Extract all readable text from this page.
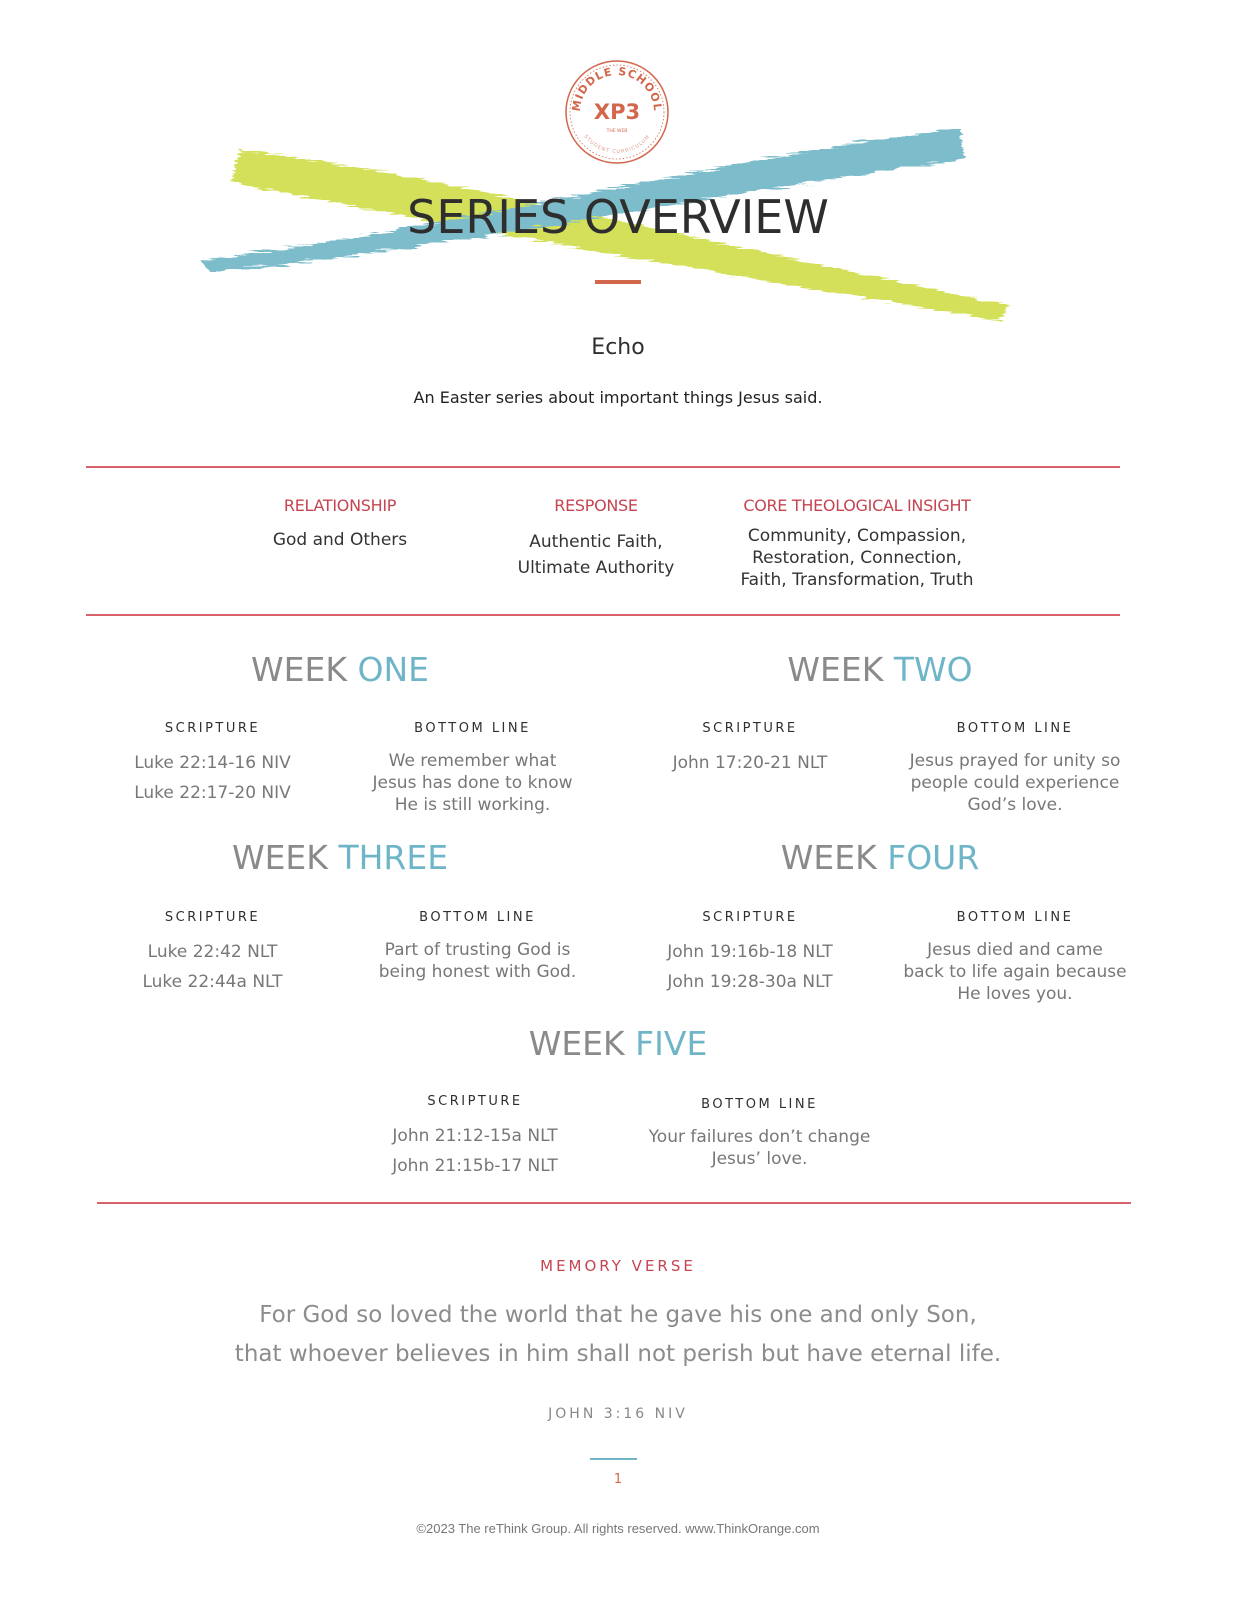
MIDDLE SCHOOL
XP3
THE WEB
STUDENT CURRICULUM
SERIES OVERVIEW
Echo
An Easter series about important things Jesus said.
RELATIONSHIP
God and Others
RESPONSE
Authentic Faith,
Ultimate Authority
CORE THEOLOGICAL INSIGHT
Community, Compassion,
Restoration, Connection,
Faith, Transformation, Truth
WEEK ONE
SCRIPTURE
Luke 22:14-16 NIV
Luke 22:17-20 NIV
BOTTOM LINE
We remember what
Jesus has done to know
He is still working.
WEEK TWO
SCRIPTURE
John 17:20-21 NLT
BOTTOM LINE
Jesus prayed for unity so
people could experience
God’s love.
WEEK THREE
SCRIPTURE
Luke 22:42 NLT
Luke 22:44a NLT
BOTTOM LINE
Part of trusting God is
being honest with God.
WEEK FOUR
SCRIPTURE
John 19:16b-18 NLT
John 19:28-30a NLT
BOTTOM LINE
Jesus died and came
back to life again because
He loves you.
WEEK FIVE
SCRIPTURE
John 21:12-15a NLT
John 21:15b-17 NLT
BOTTOM LINE
Your failures don’t change
Jesus’ love.
MEMORY VERSE
For God so loved the world that he gave his one and only Son,
that whoever believes in him shall not perish but have eternal life.
JOHN 3:16 NIV
1
©2023 The reThink Group. All rights reserved. www.ThinkOrange.com
